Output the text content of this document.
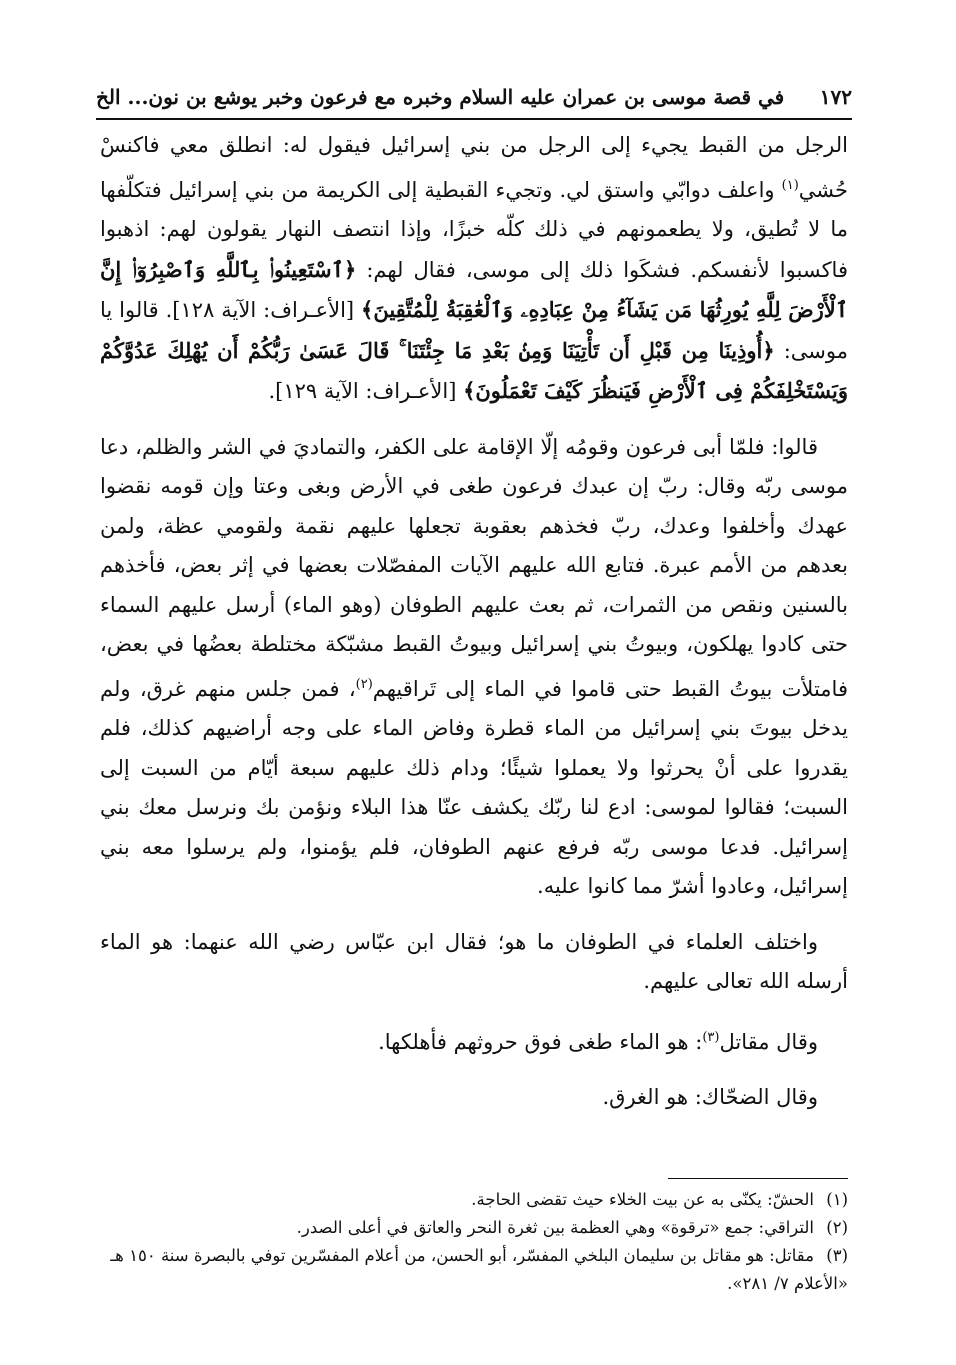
١٧٢
في قصة موسى بن عمران عليه السلام وخبره مع فرعون وخبر يوشع بن نون... الخ

الرجل من القبط يجيء إلى الرجل من بني إسرائيل فيقول له: انطلق معي فاكنسْ حُشي$^{(١)}$ واعلف دوابّي واستق لي. وتجيء القبطية إلى الكريمة من بني إسرائيل فتكلّفها ما لا تُطيق، ولا يطعمونهم في ذلك كلّه خبزًا، وإذا انتصف النهار يقولون لهم: اذهبوا فاكسبوا لأنفسكم. فشكَوا ذلك إلى موسى، فقال لهم: ﴿ٱسْتَعِينُوا۟ بِٱللَّهِ وَٱصْبِرُوٓا۟ إِنَّ ٱلْأَرْضَ لِلَّهِ يُورِثُهَا مَن يَشَآءُ مِنْ عِبَادِهِۦ وَٱلْعَٰقِبَةُ لِلْمُتَّقِينَ﴾ [الأعـراف: الآية ١٢٨]. قالوا يا موسى: ﴿أُوذِينَا مِن قَبْلِ أَن تَأْتِيَنَا وَمِنۢ بَعْدِ مَا جِئْتَنَا ۚ قَالَ عَسَىٰ رَبُّكُمْ أَن يُهْلِكَ عَدُوَّكُمْ وَيَسْتَخْلِفَكُمْ فِى ٱلْأَرْضِ فَيَنظُرَ كَيْفَ تَعْمَلُونَ﴾ [الأعـراف: الآية ١٢٩].

قالوا: فلمّا أبى فرعون وقومُه إلّا الإقامة على الكفر، والتماديَ في الشر والظلم، دعا موسى ربّه وقال: ربّ إن عبدك فرعون طغى في الأرض وبغى وعتا وإن قومه نقضوا عهدك وأخلفوا وعدك، ربّ فخذهم بعقوبة تجعلها عليهم نقمة ولقومي عظة، ولمن بعدهم من الأمم عبرة. فتابع الله عليهم الآيات المفصّلات بعضها في إثر بعض، فأخذهم بالسنين ونقص من الثمرات، ثم بعث عليهم الطوفان (وهو الماء) أرسل عليهم السماء حتى كادوا يهلكون، وبيوتُ بني إسرائيل وبيوتُ القبط مشبّكة مختلطة بعضُها في بعض، فامتلأت بيوتُ القبط حتى قاموا في الماء إلى تَراقيهم$^{(٢)}$، فمن جلس منهم غرق، ولم يدخل بيوتَ بني إسرائيل من الماء قطرة وفاض الماء على وجه أراضيهم كذلك، فلم يقدروا على أنْ يحرثوا ولا يعملوا شيئًا؛ ودام ذلك عليهم سبعة أيّام من السبت إلى السبت؛ فقالوا لموسى: ادع لنا ربّك يكشف عنّا هذا البلاء ونؤمن بك ونرسل معك بني إسرائيل. فدعا موسى ربّه فرفع عنهم الطوفان، فلم يؤمنوا، ولم يرسلوا معه بني إسرائيل، وعادوا أشرّ مما كانوا عليه.

واختلف العلماء في الطوفان ما هو؛ فقال ابن عبّاس رضي الله عنهما: هو الماء أرسله الله تعالى عليهم.

وقال مقاتل$^{(٣)}$: هو الماء طغى فوق حروثهم فأهلكها.

وقال الضحّاك: هو الغرق.

(١)الحشّ: يكنّى به عن بيت الخلاء حيث تقضى الحاجة.

(٢)التراقي: جمع «ترقوة» وهي العظمة بين ثغرة النحر والعاتق في أعلى الصدر.

(٣)مقاتل: هو مقاتل بن سليمان البلخي المفسّر، أبو الحسن، من أعلام المفسّرين توفي بالبصرة سنة ١٥٠ هـ «الأعلام ٧/ ٢٨١».
